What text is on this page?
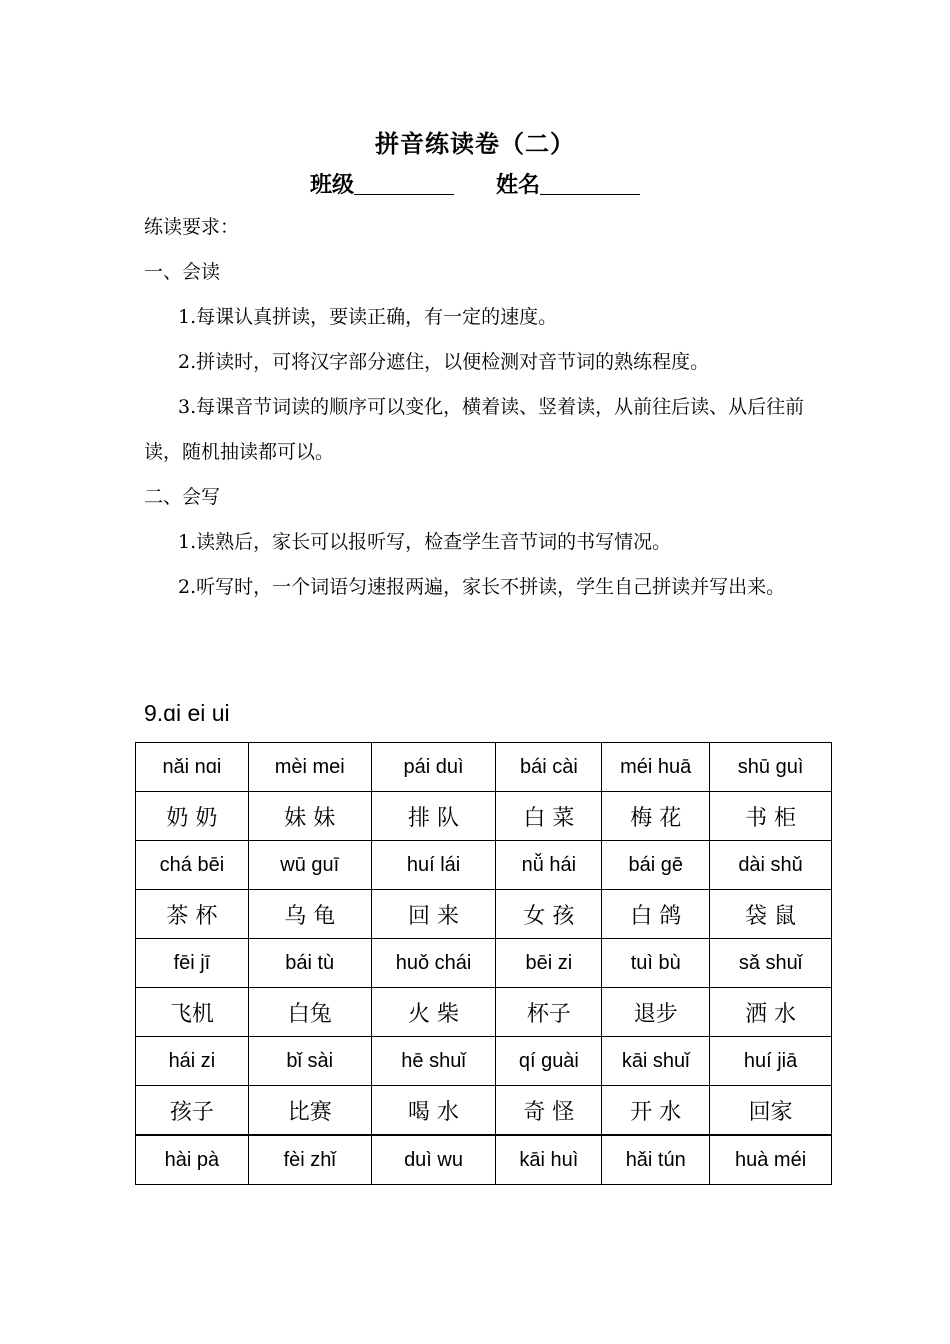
拼音练读卷（二）
班级	姓名
练读要求：
一、会读
1.每课认真拼读，要读正确，有一定的速度。
2.拼读时，可将汉字部分遮住，以便检测对音节词的熟练程度。
3.每课音节词读的顺序可以变化，横着读、竖着读，从前往后读、从后往前读，随机抽读都可以。
二、会写
1.读熟后，家长可以报听写，检查学生音节词的书写情况。
2.听写时，一个词语匀速报两遍，家长不拼读，学生自己拼读并写出来。
9.ɑi ei ui
nǎi nɑi	mèi mei	pái duì	bái cài	méi huā	shū guì
奶 奶	妹 妹	排 队	白 菜	梅 花	书 柜
chá bēi	wū guī	huí lái	nǚ hái	bái gē	dài shǔ
茶 杯	乌 龟	回 来	女 孩	白 鸽	袋 鼠
fēi jī	bái tù	huǒ chái	bēi zi	tuì bù	sǎ shuǐ
飞机	白兔	火 柴	杯子	退步	洒 水
hái zi	bǐ sài	hē shuǐ	qí guài	kāi shuǐ	huí jiā
孩子	比赛	喝 水	奇 怪	开 水	回家
hài pà	fèi zhǐ	duì wu	kāi huì	hǎi tún	huà méi
